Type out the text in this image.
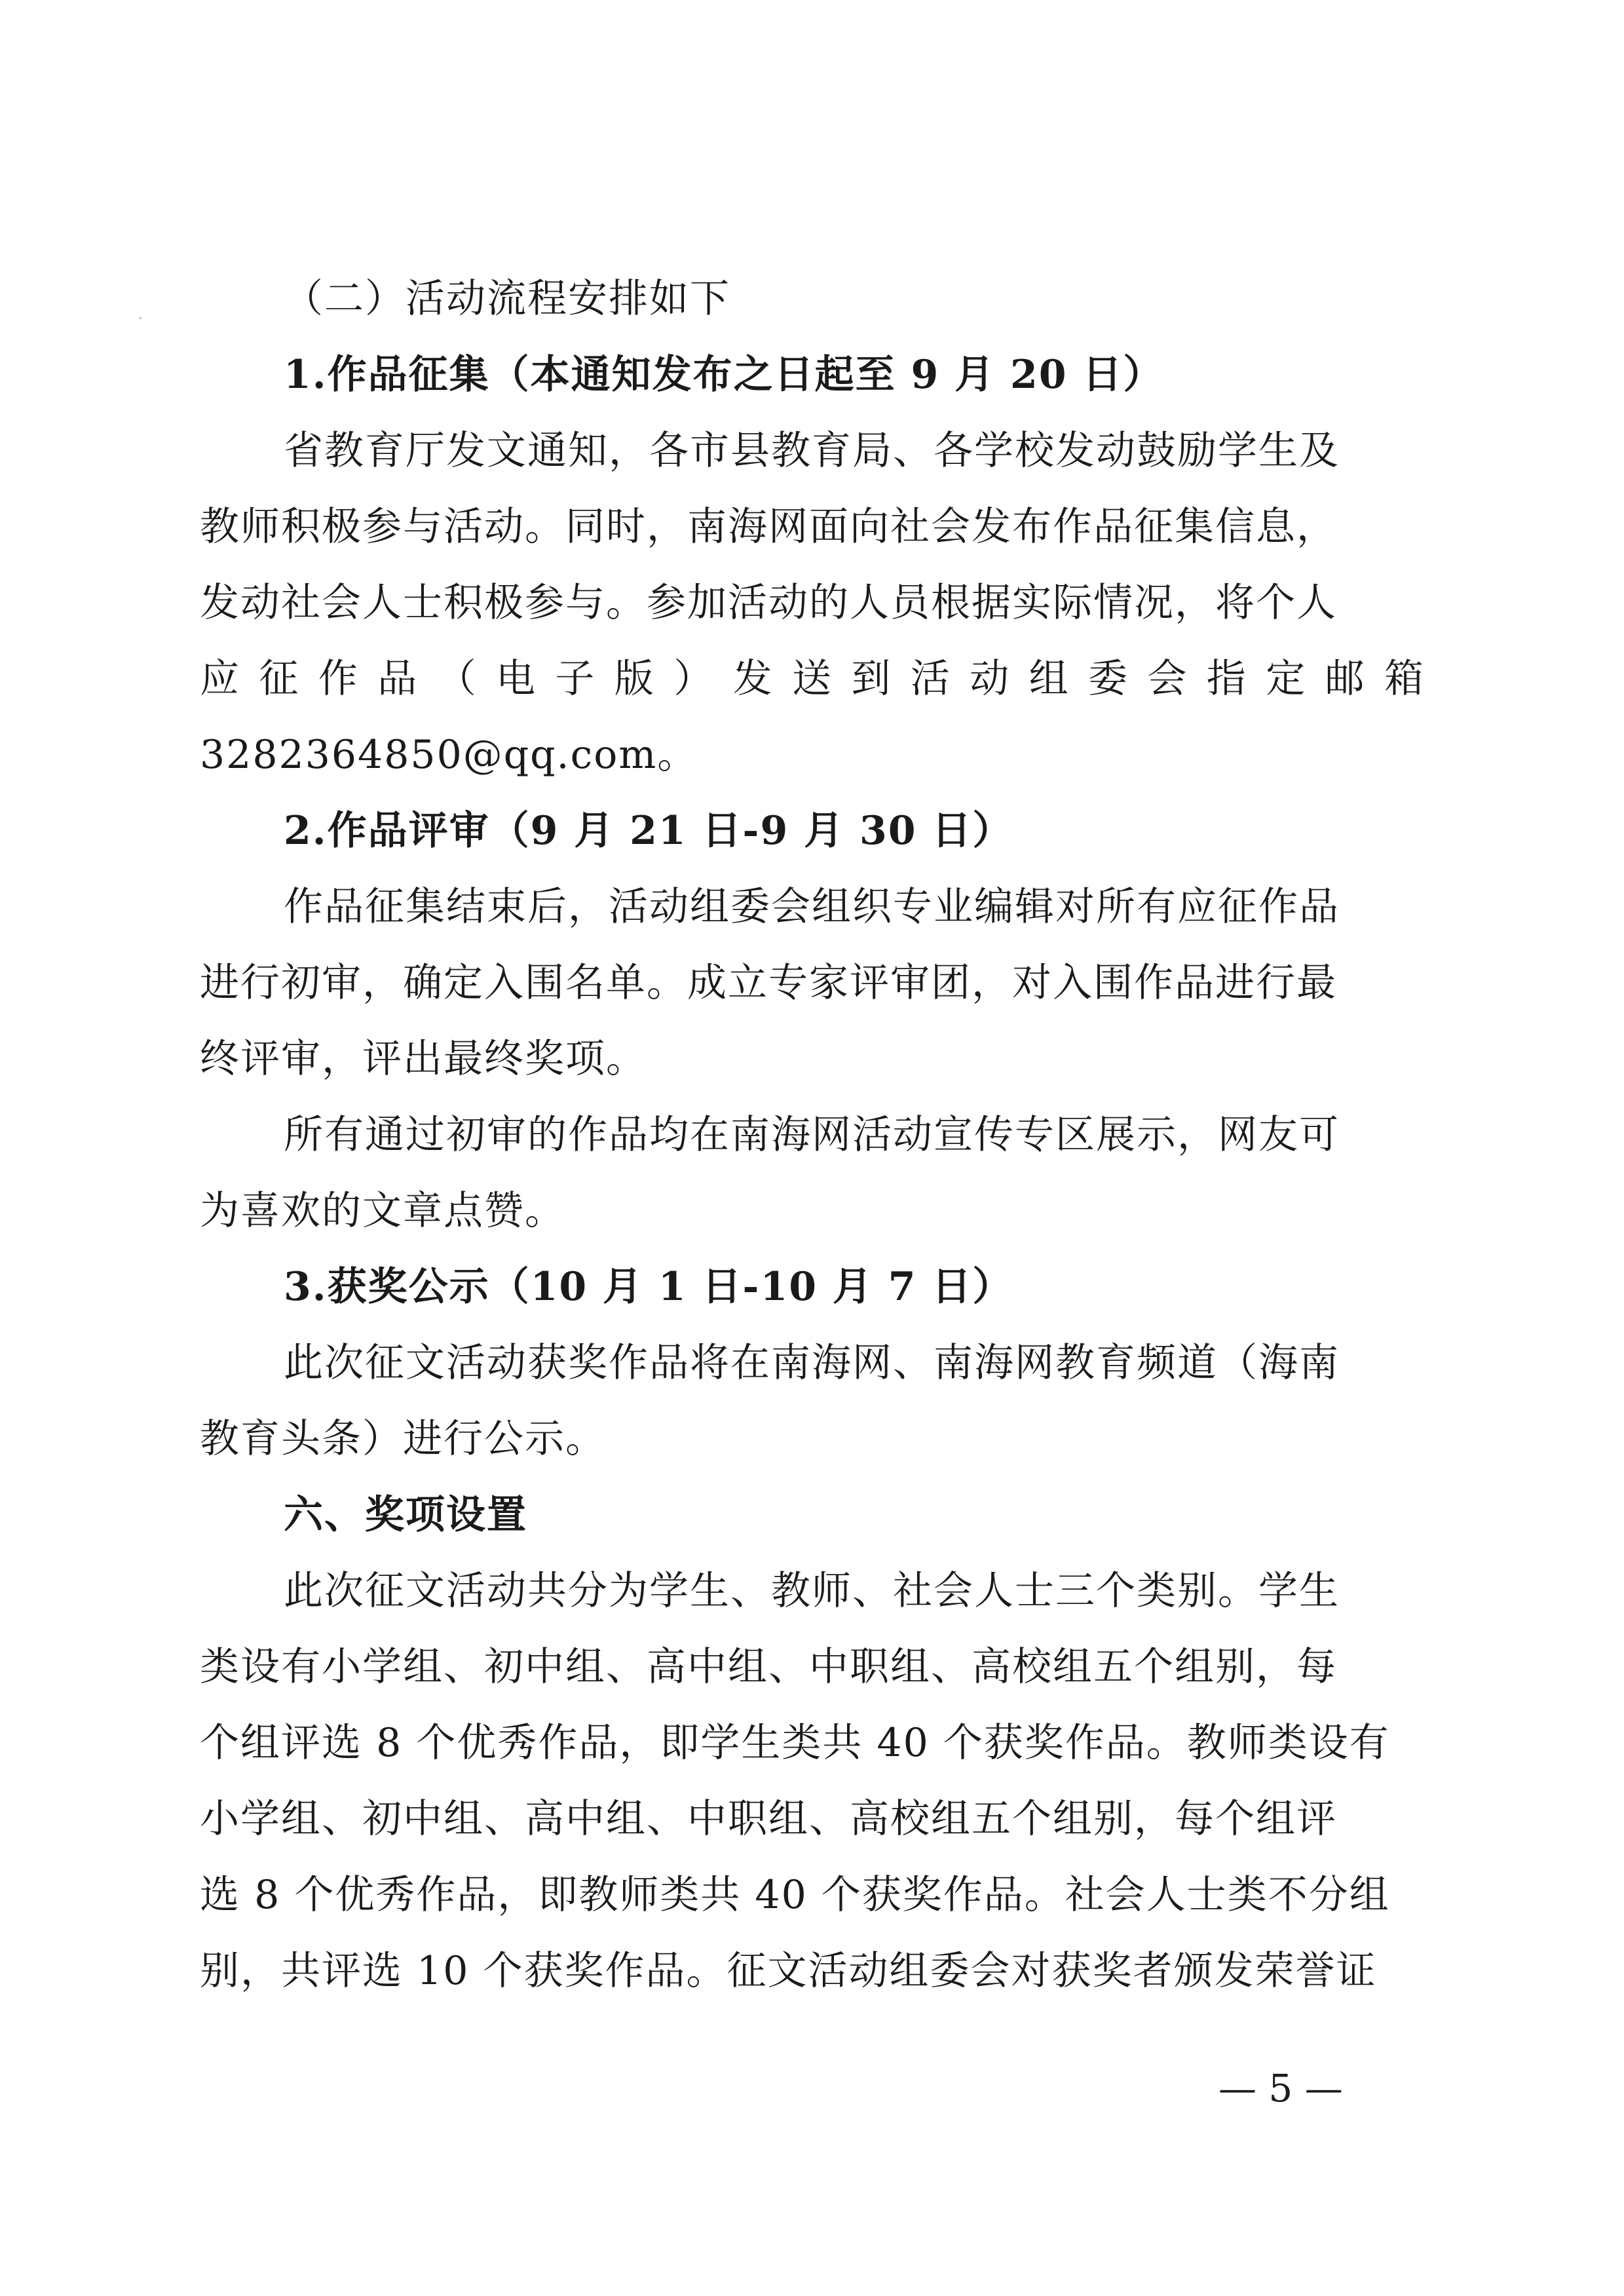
（二）活动流程安排如下
1.作品征集（本通知发布之日起至 9 月 20 日）
省教育厅发文通知，各市县教育局、各学校发动鼓励学生及
教师积极参与活动。同时，南海网面向社会发布作品征集信息，
发动社会人士积极参与。参加活动的人员根据实际情况，将个人
应征作品（电子版）发送到活动组委会指定邮箱
3282364850@qq.com。
2.作品评审（9 月 21 日-9 月 30 日）
作品征集结束后，活动组委会组织专业编辑对所有应征作品
进行初审，确定入围名单。成立专家评审团，对入围作品进行最
终评审，评出最终奖项。
所有通过初审的作品均在南海网活动宣传专区展示，网友可
为喜欢的文章点赞。
3.获奖公示（10 月 1 日-10 月 7 日）
此次征文活动获奖作品将在南海网、南海网教育频道（海南
教育头条）进行公示。
六、奖项设置
此次征文活动共分为学生、教师、社会人士三个类别。学生
类设有小学组、初中组、高中组、中职组、高校组五个组别，每
个组评选 8 个优秀作品，即学生类共 40 个获奖作品。教师类设有
小学组、初中组、高中组、中职组、高校组五个组别，每个组评
选 8 个优秀作品，即教师类共 40 个获奖作品。社会人士类不分组
别，共评选 10 个获奖作品。征文活动组委会对获奖者颁发荣誉证
— 5 —
